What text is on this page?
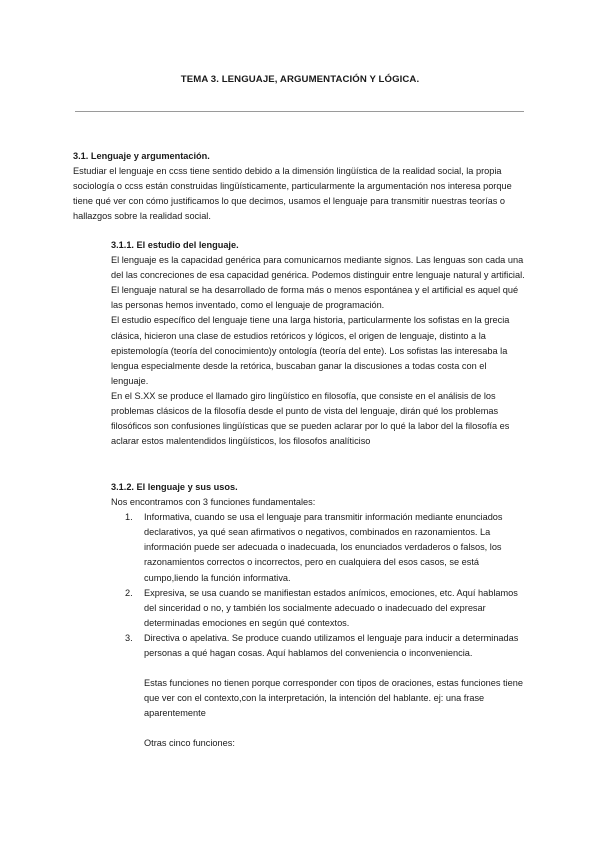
TEMA 3. LENGUAJE, ARGUMENTACIÓN Y LÓGICA.

3.1. Lenguaje y argumentación.

Estudiar el lenguaje en ccss tiene sentido debido a la dimensión lingüística de la realidad social, la propia sociología o ccss están construidas lingüísticamente, particularmente la argumentación nos interesa porque tiene qué ver con cómo justificamos lo que decimos, usamos el lenguaje para transmitir nuestras teorías o hallazgos sobre la realidad social.

3.1.1. El estudio del lenguaje.

El lenguaje es la capacidad genérica para comunicarnos mediante signos. Las lenguas son cada una del las concreciones de esa capacidad genérica. Podemos distinguir entre lenguaje natural y artificial.

El lenguaje natural se ha desarrollado de forma más o menos espontánea y el artificial es aquel qué las personas hemos inventado, como el lenguaje de programación.

El estudio específico del lenguaje tiene una larga historia, particularmente los sofistas en la grecia clásica, hicieron una clase de estudios retóricos y lógicos, el origen de lenguaje, distinto a la epistemología (teoría del conocimiento)y ontología (teoría del ente). Los sofistas las interesaba la lengua especialmente desde la retórica, buscaban ganar la discusiones a todas costa con el lenguaje.

En el S.XX se produce el llamado giro lingüístico en filosofía, que consiste en el análisis de los problemas clásicos de la filosofía desde el punto de vista del lenguaje, dirán qué los problemas filosóficos son confusiones lingüísticas que se pueden aclarar por lo qué la labor del la filosofía es aclarar estos malentendidos lingüísticos, los filosofos analíticiso

3.1.2. El lenguaje y sus usos.

Nos encontramos con 3 funciones fundamentales:

1. Informativa, cuando se usa el lenguaje para transmitir información mediante enunciados declarativos, ya qué sean afirmativos o negativos, combinados en razonamientos. La información puede ser adecuada o inadecuada, los enunciados verdaderos o falsos, los razonamientos correctos o incorrectos, pero en cualquiera del esos casos, se está cumpo,liendo la función informativa.
2. Expresiva, se usa cuando se manifiestan estados anímicos, emociones, etc. Aquí hablamos del sinceridad o no, y también los socialmente adecuado o inadecuado del expresar determinadas emociones en según qué contextos.
3. Directiva o apelativa. Se produce cuando utilizamos el lenguaje para inducir a determinadas personas a qué hagan cosas. Aquí hablamos del conveniencia o inconveniencia.

Estas funciones no tienen porque corresponder con tipos de oraciones, estas funciones tiene que ver con el contexto,con la interpretación, la intención del hablante. ej: una frase aparentemente

Otras cinco funciones:
